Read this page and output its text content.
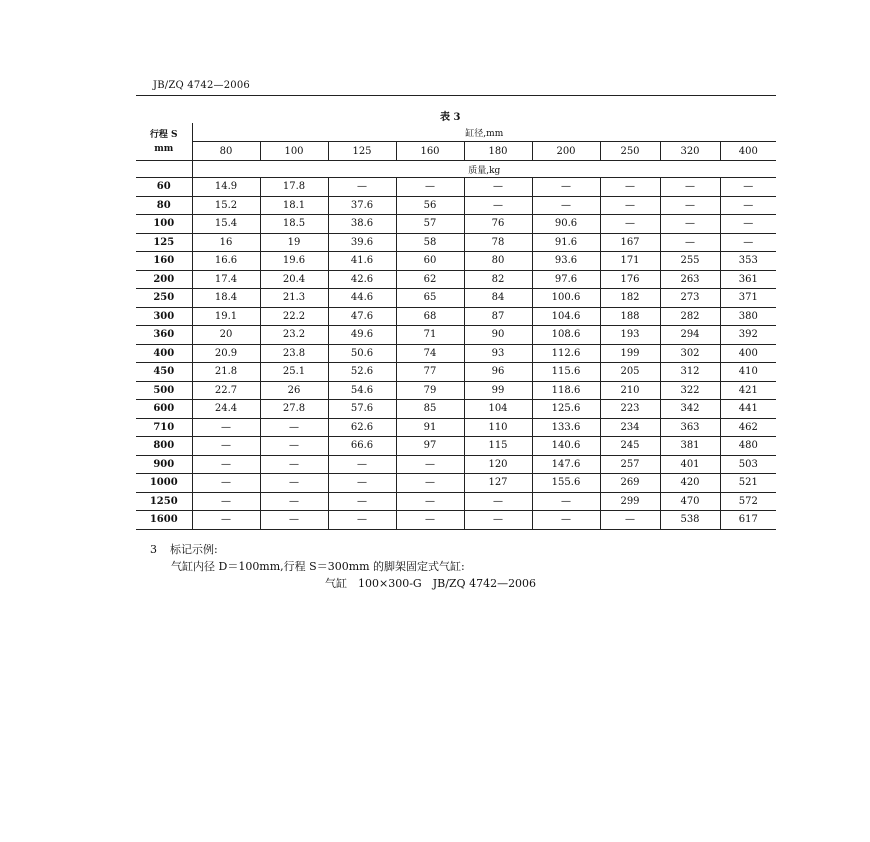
JB/ZQ 4742—2006
表 3
行程 S
mm	缸径,mm								
	80	100	125	160	180	200	250	320	400
	质量,kg								
60	14.9	17.8	—	—	—	—	—	—	—
80	15.2	18.1	37.6	56	—	—	—	—	—
100	15.4	18.5	38.6	57	76	90.6	—	—	—
125	16	19	39.6	58	78	91.6	167	—	—
160	16.6	19.6	41.6	60	80	93.6	171	255	353
200	17.4	20.4	42.6	62	82	97.6	176	263	361
250	18.4	21.3	44.6	65	84	100.6	182	273	371
300	19.1	22.2	47.6	68	87	104.6	188	282	380
360	20	23.2	49.6	71	90	108.6	193	294	392
400	20.9	23.8	50.6	74	93	112.6	199	302	400
450	21.8	25.1	52.6	77	96	115.6	205	312	410
500	22.7	26	54.6	79	99	118.6	210	322	421
600	24.4	27.8	57.6	85	104	125.6	223	342	441
710	—	—	62.6	91	110	133.6	234	363	462
800	—	—	66.6	97	115	140.6	245	381	480
900	—	—	—	—	120	147.6	257	401	503
1000	—	—	—	—	127	155.6	269	420	521
1250	—	—	—	—	—	—	299	470	572
1600	—	—	—	—	—	—	—	538	617
3 标记示例:
气缸内径 D＝100mm,行程 S＝300mm 的脚架固定式气缸:
气缸　100×300-G　JB/ZQ 4742—2006
